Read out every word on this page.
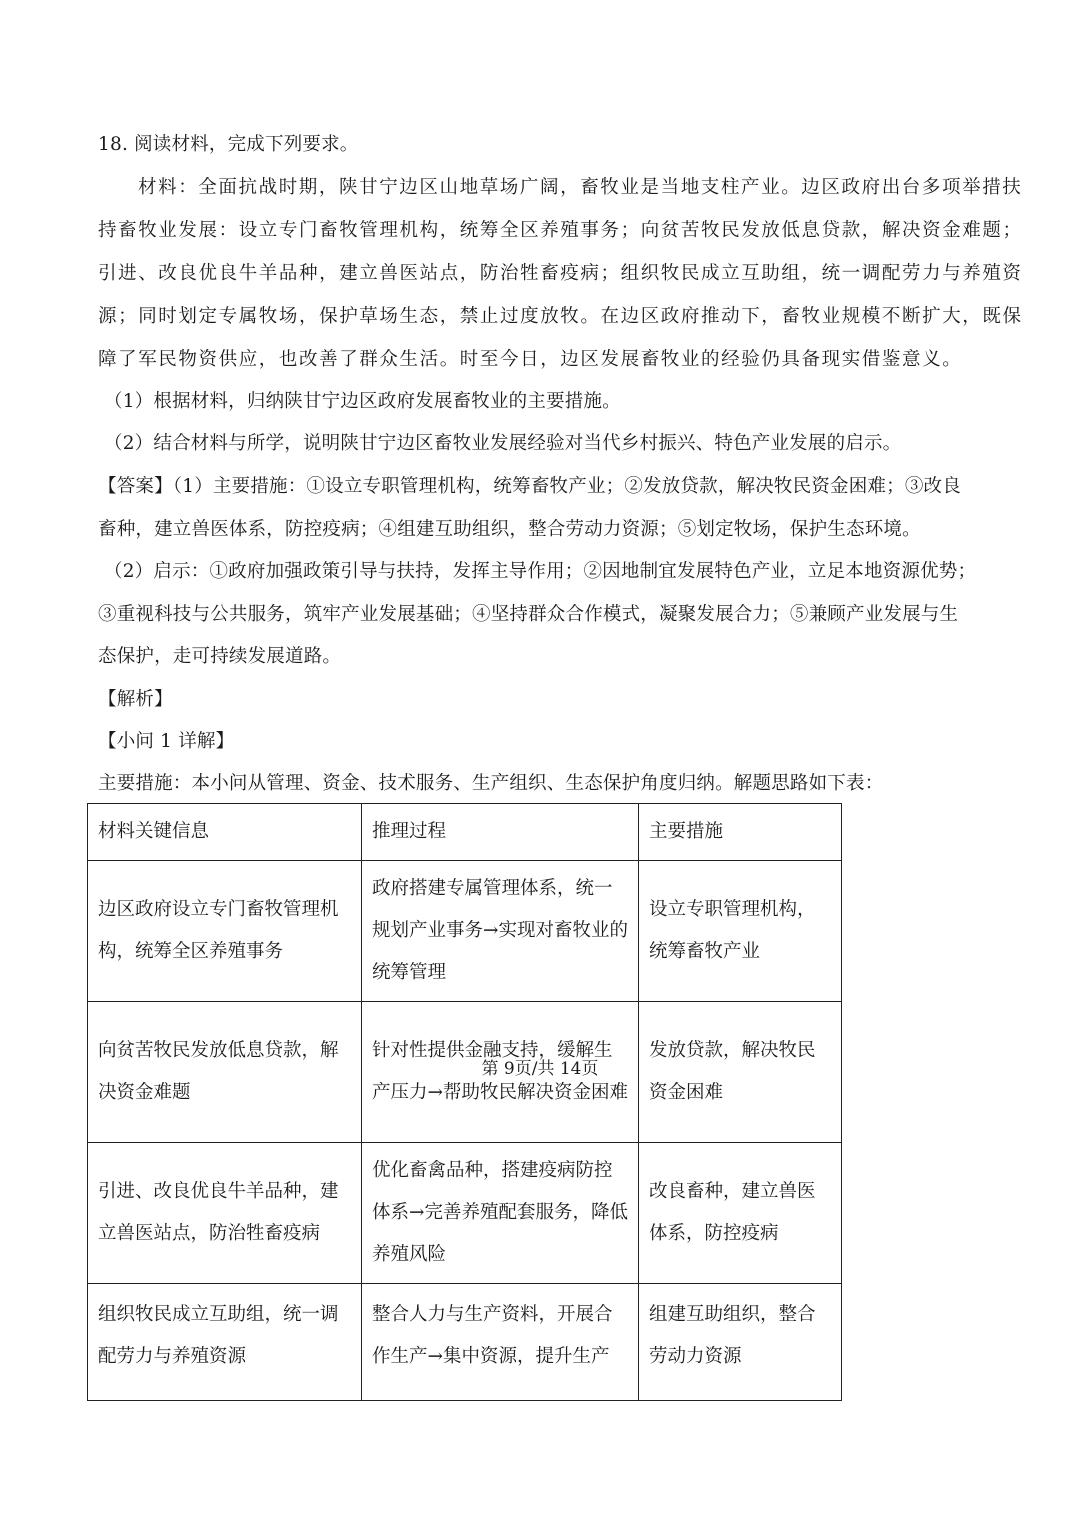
18. 阅读材料，完成下列要求。
材料：全面抗战时期，陕甘宁边区山地草场广阔，畜牧业是当地支柱产业。边区政府出台多项举措扶
持畜牧业发展：设立专门畜牧管理机构，统筹全区养殖事务；向贫苦牧民发放低息贷款，解决资金难题；
引进、改良优良牛羊品种，建立兽医站点，防治牲畜疫病；组织牧民成立互助组，统一调配劳力与养殖资
源；同时划定专属牧场，保护草场生态，禁止过度放牧。在边区政府推动下，畜牧业规模不断扩大，既保
障了军民物资供应，也改善了群众生活。时至今日，边区发展畜牧业的经验仍具备现实借鉴意义。
（1）根据材料，归纳陕甘宁边区政府发展畜牧业的主要措施。
（2）结合材料与所学，说明陕甘宁边区畜牧业发展经验对当代乡村振兴、特色产业发展的启示。
【答案】（1）主要措施：①设立专职管理机构，统筹畜牧产业；②发放贷款，解决牧民资金困难；③改良
畜种，建立兽医体系，防控疫病；④组建互助组织，整合劳动力资源；⑤划定牧场，保护生态环境。
（2）启示：①政府加强政策引导与扶持，发挥主导作用；②因地制宜发展特色产业，立足本地资源优势；
③重视科技与公共服务，筑牢产业发展基础；④坚持群众合作模式，凝聚发展合力；⑤兼顾产业发展与生
态保护，走可持续发展道路。
【解析】
【小问 1 详解】
主要措施：本小问从管理、资金、技术服务、生产组织、生态保护角度归纳。解题思路如下表：
材料关键信息	推理过程	主要措施

边区政府设立专门畜牧管理机构，统筹全区养殖事务	政府搭建专属管理体系，统一规划产业事务→实现对畜牧业的统筹管理	设立专职管理机构，统筹畜牧产业

向贫苦牧民发放低息贷款，解决资金难题	针对性提供金融支持，缓解生产压力→帮助牧民解决资金困难	发放贷款，解决牧民资金困难

引进、改良优良牛羊品种，建立兽医站点，防治牲畜疫病	优化畜禽品种，搭建疫病防控体系→完善养殖配套服务，降低养殖风险	改良畜种，建立兽医体系，防控疫病

组织牧民成立互助组，统一调配劳力与养殖资源	整合人力与生产资料，开展合作生产→集中资源，提升生产	组建互助组织，整合劳动力资源
第 9页/共 14页
